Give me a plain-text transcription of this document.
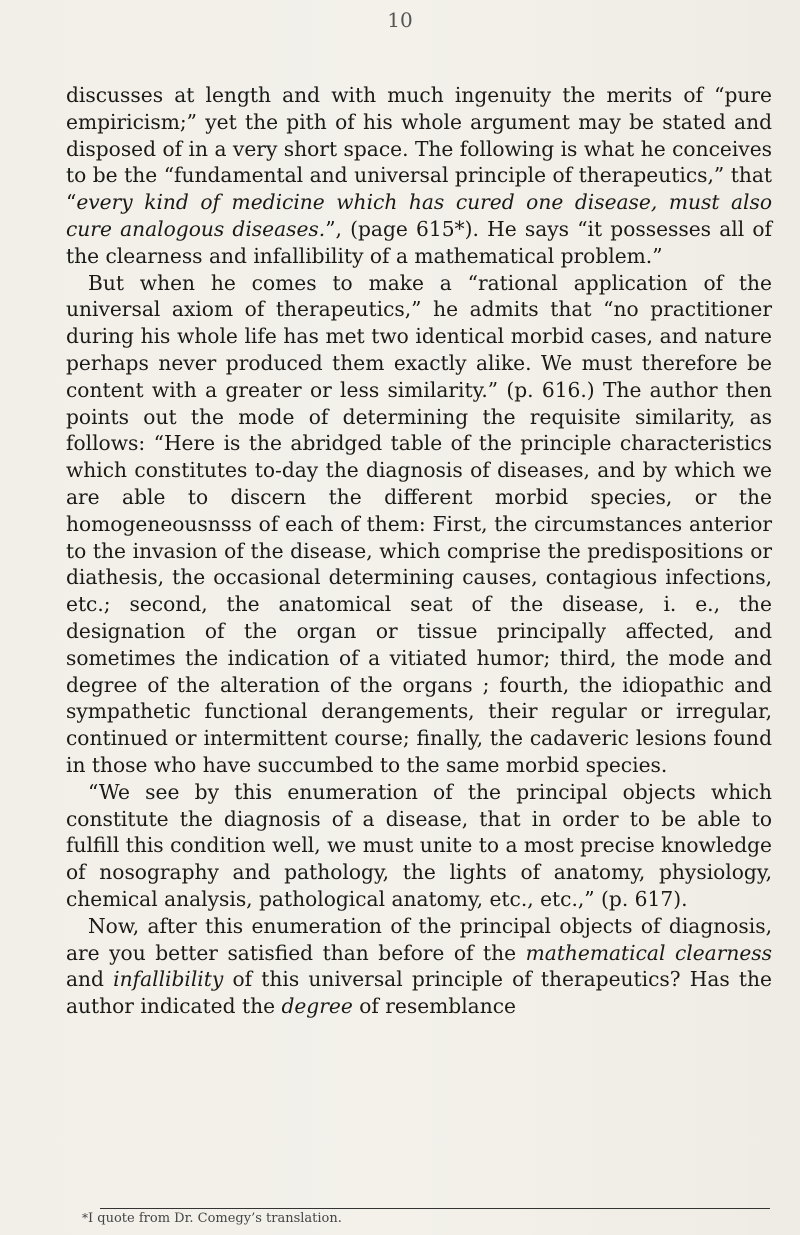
10

discusses at length and with much ingenuity the merits of “pure empiricism;” yet the pith of his whole argument may be stated and disposed of in a very short space. The following is what he conceives to be the “fundamental and universal principle of therapeutics,” that “every kind of medicine which has cured one disease, must also cure analogous diseases.”, (page 615*). He says “it possesses all of the clearness and infallibility of a mathematical problem.”

But when he comes to make a “rational application of the universal axiom of therapeutics,” he admits that “no practitioner during his whole life has met two identical morbid cases, and nature perhaps never produced them exactly alike. We must therefore be content with a greater or less similarity.” (p. 616.) The author then points out the mode of determining the requisite similarity, as follows: “Here is the abridged table of the principle characteristics which constitutes to-day the diagnosis of diseases, and by which we are able to discern the different morbid species, or the homogeneousnsss of each of them: First, the circumstances anterior to the invasion of the disease, which comprise the predispositions or diathesis, the occasional determining causes, contagious infections, etc.; second, the anatomical seat of the disease, i. e., the designation of the organ or tissue principally affected, and sometimes the indication of a vitiated humor; third, the mode and degree of the alteration of the organs ; fourth, the idiopathic and sympathetic functional derangements, their regular or irregular, continued or intermittent course; finally, the cadaveric lesions found in those who have succumbed to the same morbid species.

“We see by this enumeration of the principal objects which constitute the diagnosis of a disease, that in order to be able to fulfill this condition well, we must unite to a most precise knowledge of nosography and pathology, the lights of anatomy, physiology, chemical analysis, pathological anatomy, etc., etc.,” (p. 617).

Now, after this enumeration of the principal objects of diagnosis, are you better satisfied than before of the mathematical clearness and infallibility of this universal principle of therapeutics? Has the author indicated the degree of resemblance

*I quote from Dr. Comegy’s translation.
